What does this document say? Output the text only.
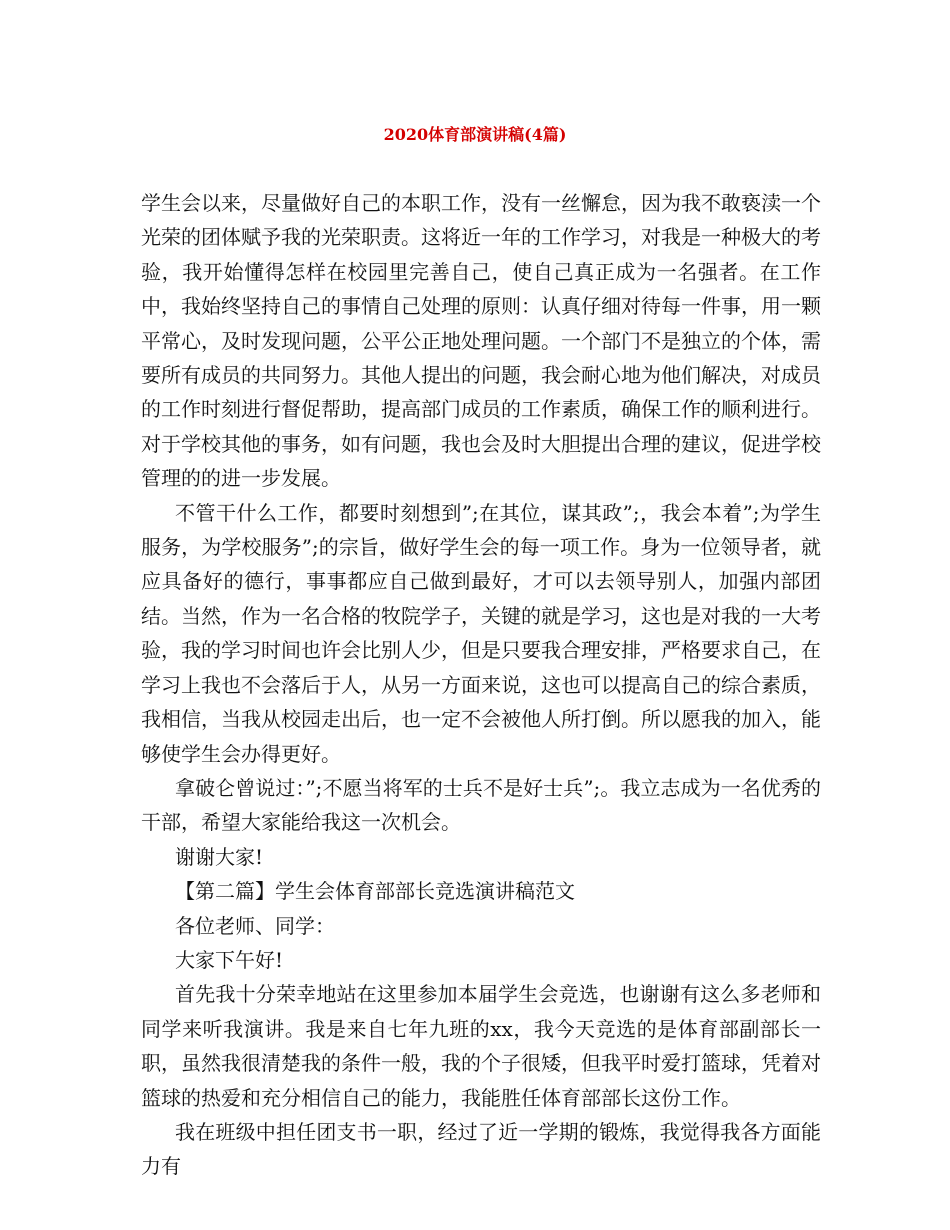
2020体育部演讲稿(4篇)

学生会以来，尽量做好自己的本职工作，没有一丝懈怠，因为我不敢亵渎一个光荣的团体赋予我的光荣职责。这将近一年的工作学习，对我是一种极大的考验，我开始懂得怎样在校园里完善自己，使自己真正成为一名强者。在工作中，我始终坚持自己的事情自己处理的原则：认真仔细对待每一件事，用一颗平常心，及时发现问题，公平公正地处理问题。一个部门不是独立的个体，需要所有成员的共同努力。其他人提出的问题，我会耐心地为他们解决，对成员的工作时刻进行督促帮助，提高部门成员的工作素质，确保工作的顺利进行。对于学校其他的事务，如有问题，我也会及时大胆提出合理的建议，促进学校管理的的进一步发展。

不管干什么工作，都要时刻想到”;在其位，谋其政”;，我会本着”;为学生服务，为学校服务”;的宗旨，做好学生会的每一项工作。身为一位领导者，就应具备好的德行，事事都应自己做到最好，才可以去领导别人，加强内部团结。当然，作为一名合格的牧院学子，关键的就是学习，这也是对我的一大考验，我的学习时间也许会比别人少，但是只要我合理安排，严格要求自己，在学习上我也不会落后于人，从另一方面来说，这也可以提高自己的综合素质，我相信，当我从校园走出后，也一定不会被他人所打倒。所以愿我的加入，能够使学生会办得更好。

拿破仑曾说过：”;不愿当将军的士兵不是好士兵”;。我立志成为一名优秀的干部，希望大家能给我这一次机会。

谢谢大家!

【第二篇】学生会体育部部长竞选演讲稿范文

各位老师、同学：

大家下午好!

首先我十分荣幸地站在这里参加本届学生会竞选，也谢谢有这么多老师和同学来听我演讲。我是来自七年九班的xx，我今天竞选的是体育部副部长一职，虽然我很清楚我的条件一般，我的个子很矮，但我平时爱打篮球，凭着对篮球的热爱和充分相信自己的能力，我能胜任体育部部长这份工作。

我在班级中担任团支书一职，经过了近一学期的锻炼，我觉得我各方面能力有
